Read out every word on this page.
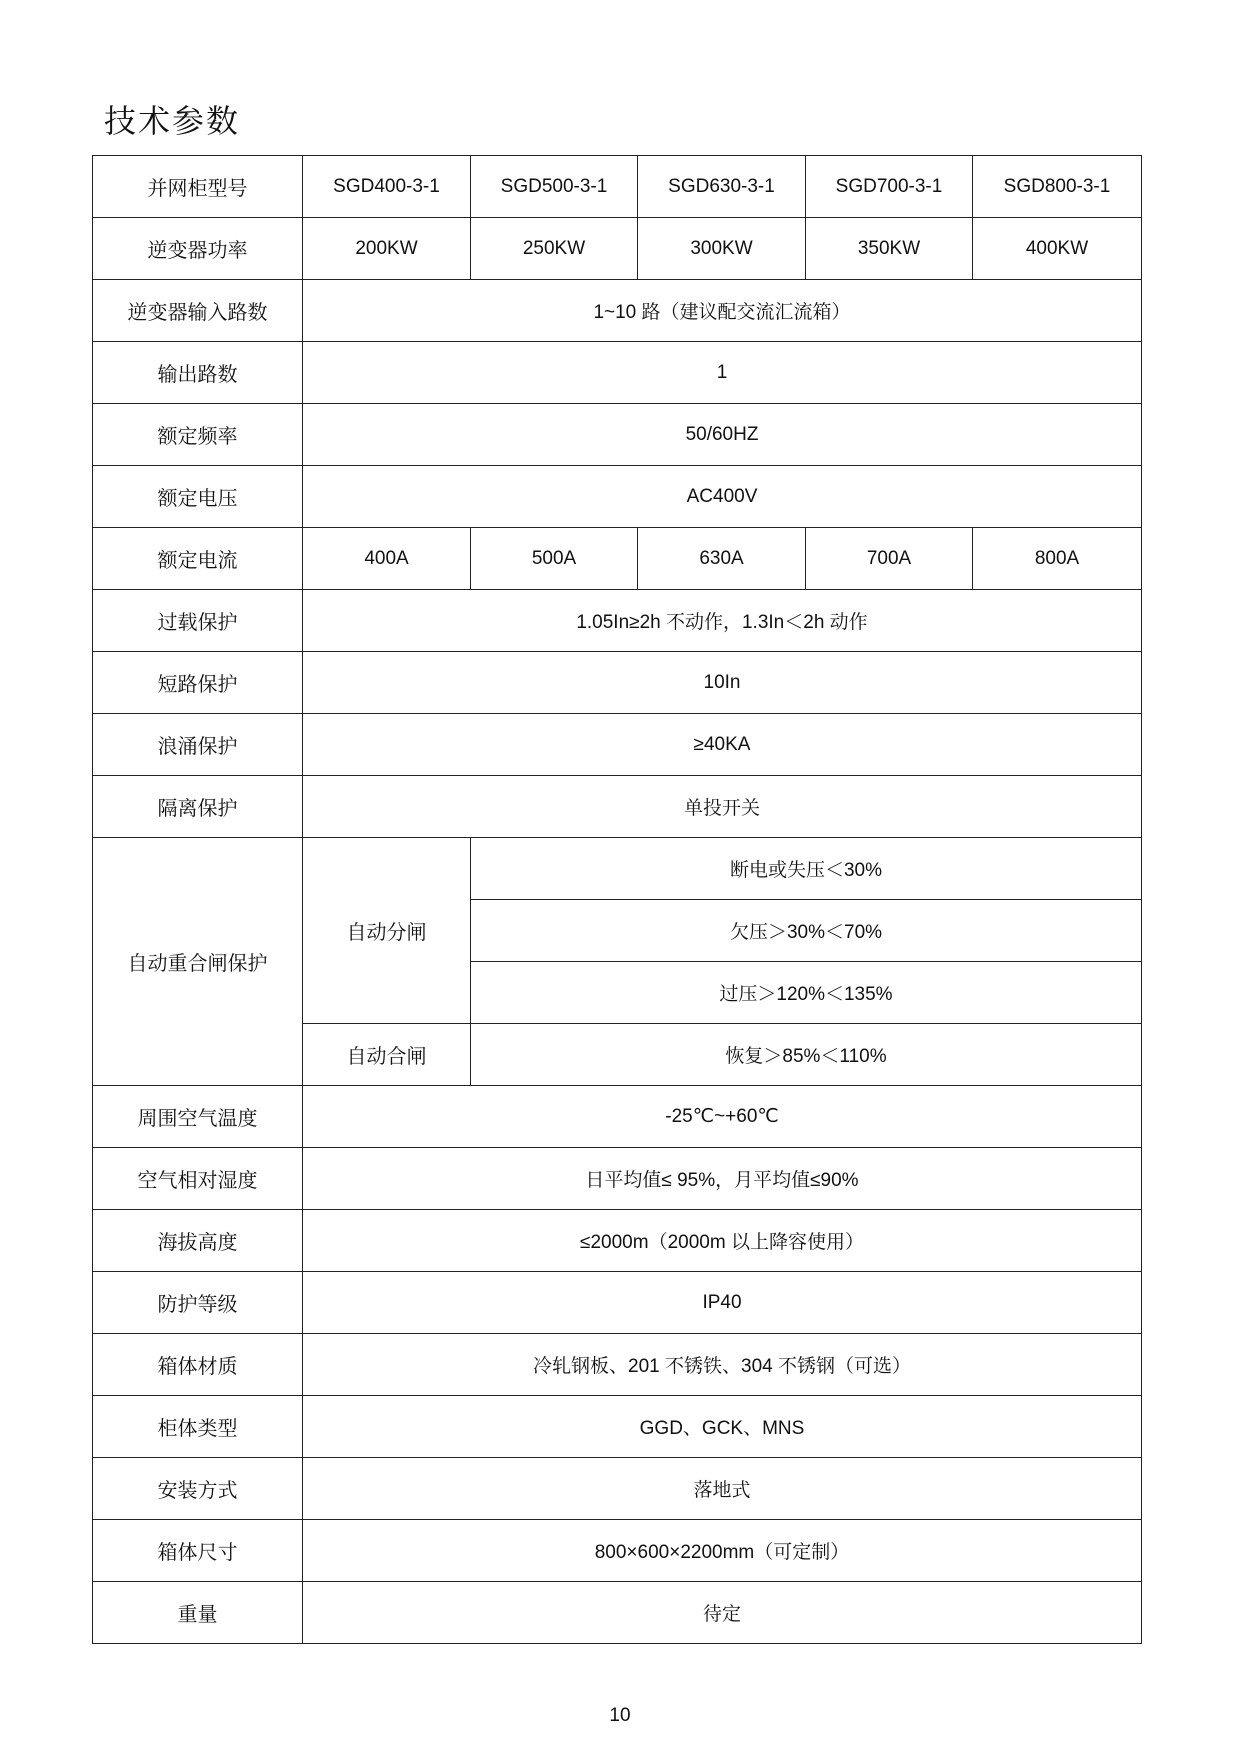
技术参数
并网柜型号	SGD400-3-1	SGD500-3-1	SGD630-3-1	SGD700-3-1	SGD800-3-1
逆变器功率	200KW	250KW	300KW	350KW	400KW
逆变器输入路数	1~10 路（建议配交流汇流箱）				
输出路数	1				
额定频率	50/60HZ				
额定电压	AC400V				
额定电流	400A	500A	630A	700A	800A
过载保护	1.05In≥2h 不动作，1.3In＜2h 动作				
短路保护	10In				
浪涌保护	≥40KA				
隔离保护	单投开关				
自动重合闸保护	自动分闸	断电或失压＜30%			
		欠压＞30%＜70%			
		过压＞120%＜135%			
	自动合闸	恢复＞85%＜110%			
周围空气温度	-25℃~+60℃				
空气相对湿度	日平均值≤ 95%，月平均值≤90%				
海拔高度	≤2000m（2000m 以上降容使用）				
防护等级	IP40				
箱体材质	冷轧钢板、201 不锈铁、304 不锈钢（可选）				
柜体类型	GGD、GCK、MNS				
安装方式	落地式				
箱体尺寸	800×600×2200mm（可定制）				
重量	待定				
10
